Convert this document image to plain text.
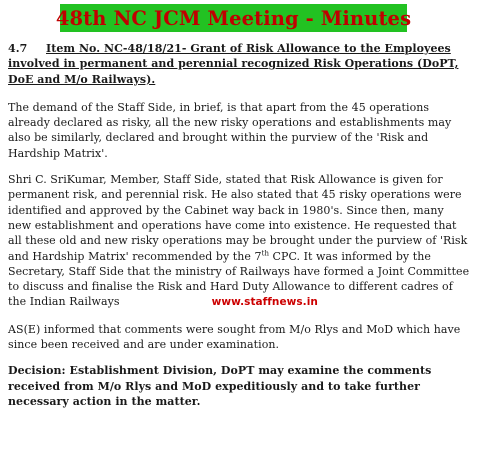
48th NC JCM Meeting - Minutes
4.7	Item No. NC-48/18/21- Grant of Risk Allowance to the Employees
involved in permanent and perennial recognized Risk Operations (DoPT,
DoE and M/o Railways).

The demand of the Staff Side, in brief, is that apart from the 45 operations
already declared as risky, all the new risky operations and establishments may
also be similarly, declared and brought within the purview of the 'Risk and
Hardship Matrix'.

Shri C. SriKumar, Member, Staff Side, stated that Risk Allowance is given for
permanent risk, and perennial risk. He also stated that 45 risky operations were
identified and approved by the Cabinet way back in 1980's. Since then, many
new establishment and operations have come into existence. He requested that
all these old and new risky operations may be brought under the purview of 'Risk
and Hardship Matrix' recommended by the 7th CPC. It was informed by the
Secretary, Staff Side that the ministry of Railways have formed a Joint Committee
to discuss and finalise the Risk and Hard Duty Allowance to different cadres of
the Indian Railways	www.staffnews.in

AS(E) informed that comments were sought from M/o Rlys and MoD which have
since been received and are under examination.

Decision: Establishment Division, DoPT may examine the comments
received from M/o Rlys and MoD expeditiously and to take further
necessary action in the matter.
